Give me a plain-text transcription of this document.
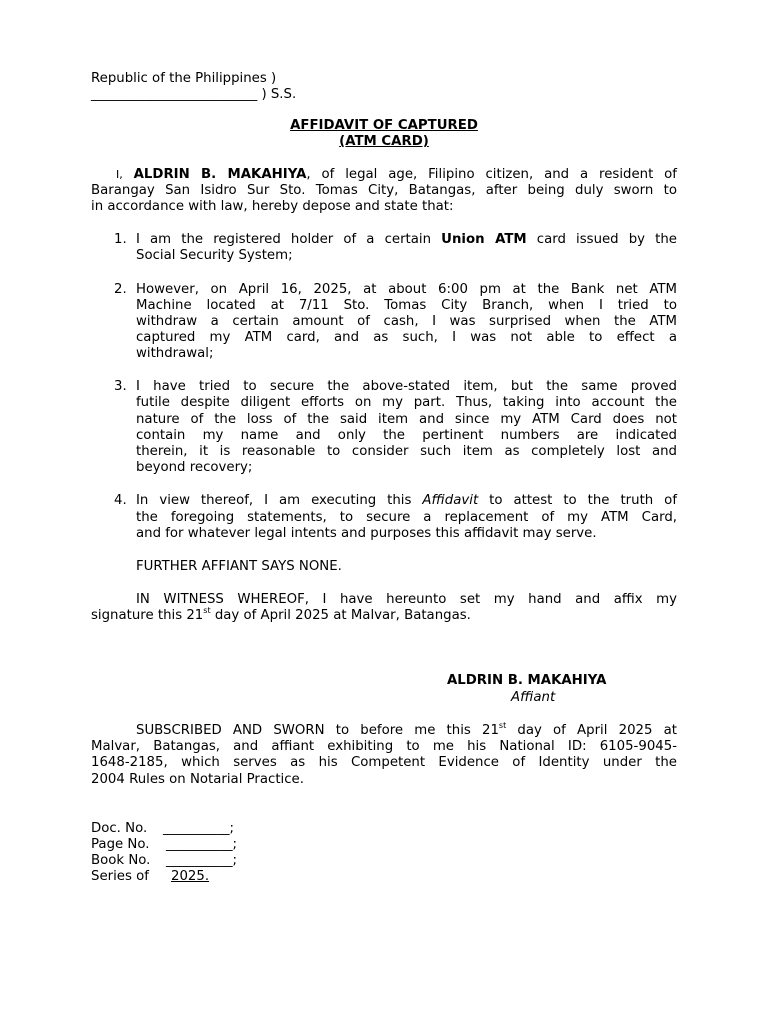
Republic of the Philippines )
_________________________ ) S.S.
AFFIDAVIT OF CAPTURED
(ATM CARD)
I, ALDRIN B. MAKAHIYA, of legal age, Filipino citizen, and a resident of
Barangay San Isidro Sur Sto. Tomas City, Batangas, after being duly sworn to
in accordance with law, hereby depose and state that:
1. I am the registered holder of a certain Union ATM card issued by the
Social Security System;
2. However, on April 16, 2025, at about 6:00 pm at the Bank net ATM
Machine located at 7/11 Sto. Tomas City Branch, when I tried to
withdraw a certain amount of cash, I was surprised when the ATM
captured my ATM card, and as such, I was not able to effect a
withdrawal;
3. I have tried to secure the above-stated item, but the same proved
futile despite diligent efforts on my part. Thus, taking into account the
nature of the loss of the said item and since my ATM Card does not
contain my name and only the pertinent numbers are indicated
therein, it is reasonable to consider such item as completely lost and
beyond recovery;
4. In view thereof, I am executing this Affidavit to attest to the truth of
the foregoing statements, to secure a replacement of my ATM Card,
and for whatever legal intents and purposes this affidavit may serve.
FURTHER AFFIANT SAYS NONE.
IN WITNESS WHEREOF, I have hereunto set my hand and affix my
signature this 21st day of April 2025 at Malvar, Batangas.
ALDRIN B. MAKAHIYA
Affiant
SUBSCRIBED AND SWORN to before me this 21st day of April 2025 at
Malvar, Batangas, and affiant exhibiting to me his National ID: 6105-9045-
1648-2185, which serves as his Competent Evidence of Identity under the
2004 Rules on Notarial Practice.
Doc. No. __________;
Page No. __________;
Book No. __________;
Series of 2025.
